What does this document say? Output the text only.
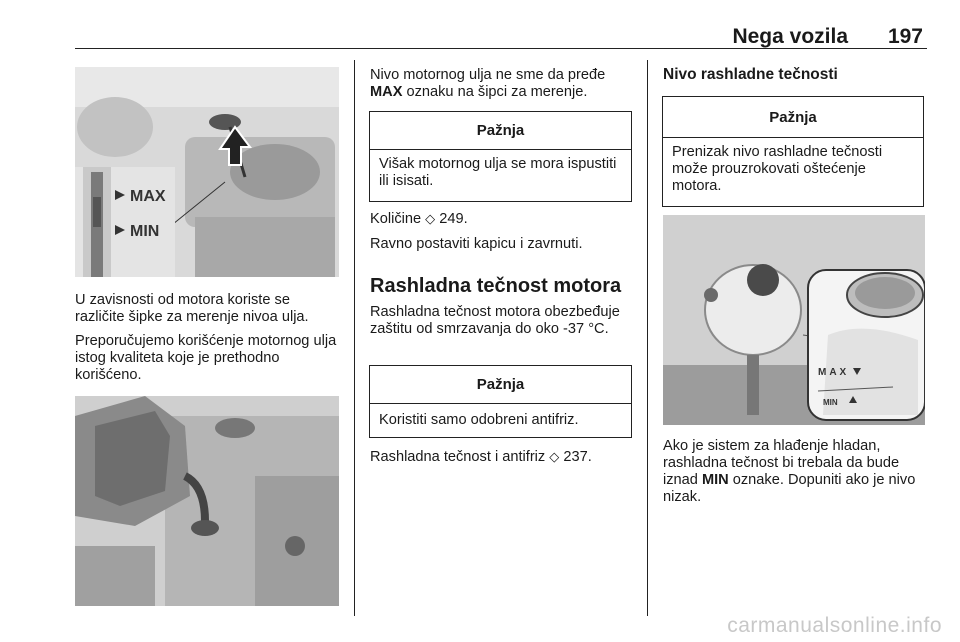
Nega vozila 197
MAX
MIN

U zavisnosti od motora koriste se različite šipke za merenje nivoa ulja.

Preporučujemo korišćenje motornog ulja istog kvaliteta koje je prethodno korišćeno.

Nivo motornog ulja ne sme da pređe
MAX oznaku na šipci za merenje.

Pažnja
Višak motornog ulja se mora ispustiti ili isisati.

Količine ◇ 249.

Ravno postaviti kapicu i zavrnuti.

Rashladna tečnost motora

Rashladna tečnost motora obezbeđuje zaštitu od smrzavanja do oko -37 °C.

Pažnja
Koristiti samo odobreni antifriz.

Rashladna tečnost i antifriz ◇ 237.

Nivo rashladne tečnosti
Pažnja
Prenizak nivo rashladne tečnosti može prouzrokovati oštećenje motora.
MAX
MIN

Ako je sistem za hlađenje hladan, rashladna tečnost bi trebala da bude iznad MIN oznake. Dopuniti ako je nivo nizak.

carmanualsonline.info
